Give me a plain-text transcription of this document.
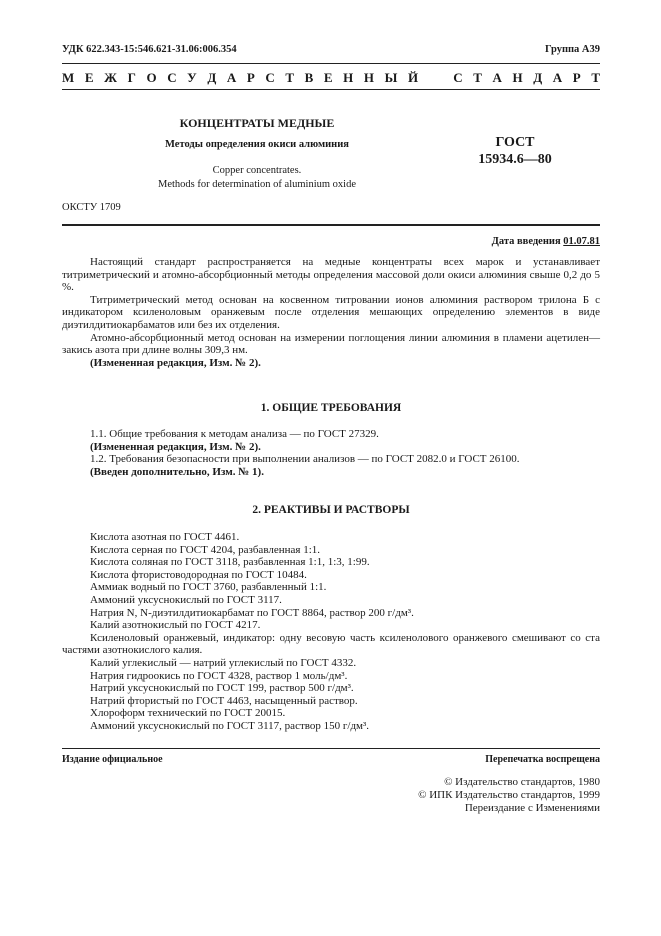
УДК 622.343-15:546.621-31.06:006.354	Группа А39
М Е Ж Г О С У Д А Р С Т В Е Н Н Ы Й	С Т А Н Д А Р Т
КОНЦЕНТРАТЫ МЕДНЫЕ
Методы определения окиси алюминия
Copper concentrates.
Methods for determination of aluminium oxide
ГОСТ
15934.6—80
ОКСТУ 1709
Дата введения 01.07.81

Настоящий стандарт распространяется на медные концентраты всех марок и устанавливает титриметрический и атомно-абсорбционный методы определения массовой доли окиси алюминия свыше 0,2 до 5 %.

Титриметрический метод основан на косвенном титровании ионов алюминия раствором трилона Б с индикатором ксиленоловым оранжевым после отделения мешающих определению элементов в виде диэтилдитиокарбаматов или без их отделения.

Атомно-абсорбционный метод основан на измерении поглощения линии алюминия в пламени ацетилен—закись азота при длине волны 309,3 нм.

(Измененная редакция, Изм. № 2).

1. ОБЩИЕ ТРЕБОВАНИЯ

1.1. Общие требования к методам анализа — по ГОСТ 27329.

(Измененная редакция, Изм. № 2).

1.2. Требования безопасности при выполнении анализов — по ГОСТ 2082.0 и ГОСТ 26100.

(Введен дополнительно, Изм. № 1).

2. РЕАКТИВЫ И РАСТВОРЫ

Кислота азотная по ГОСТ 4461.

Кислота серная по ГОСТ 4204, разбавленная 1:1.

Кислота соляная по ГОСТ 3118, разбавленная 1:1, 1:3, 1:99.

Кислота фтористоводородная по ГОСТ 10484.

Аммиак водный по ГОСТ 3760, разбавленный 1:1.

Аммоний уксуснокислый по ГОСТ 3117.

Натрия N, N-диэтилдитиокарбамат по ГОСТ 8864, раствор 200 г/дм³.

Калий азотнокислый по ГОСТ 4217.

Ксиленоловый оранжевый, индикатор: одну весовую часть ксиленолового оранжевого смешивают со ста частями азотнокислого калия.

Калий углекислый — натрий углекислый по ГОСТ 4332.

Натрия гидроокись по ГОСТ 4328, раствор 1 моль/дм³.

Натрий уксуснокислый по ГОСТ 199, раствор 500 г/дм³.

Натрий фтористый по ГОСТ 4463, насыщенный раствор.

Хлороформ технический по ГОСТ 20015.

Аммоний уксуснокислый по ГОСТ 3117, раствор 150 г/дм³.

Издание официальное	Перепечатка воспрещена
© Издательство стандартов, 1980
© ИПК Издательство стандартов, 1999
Переиздание с Изменениями
